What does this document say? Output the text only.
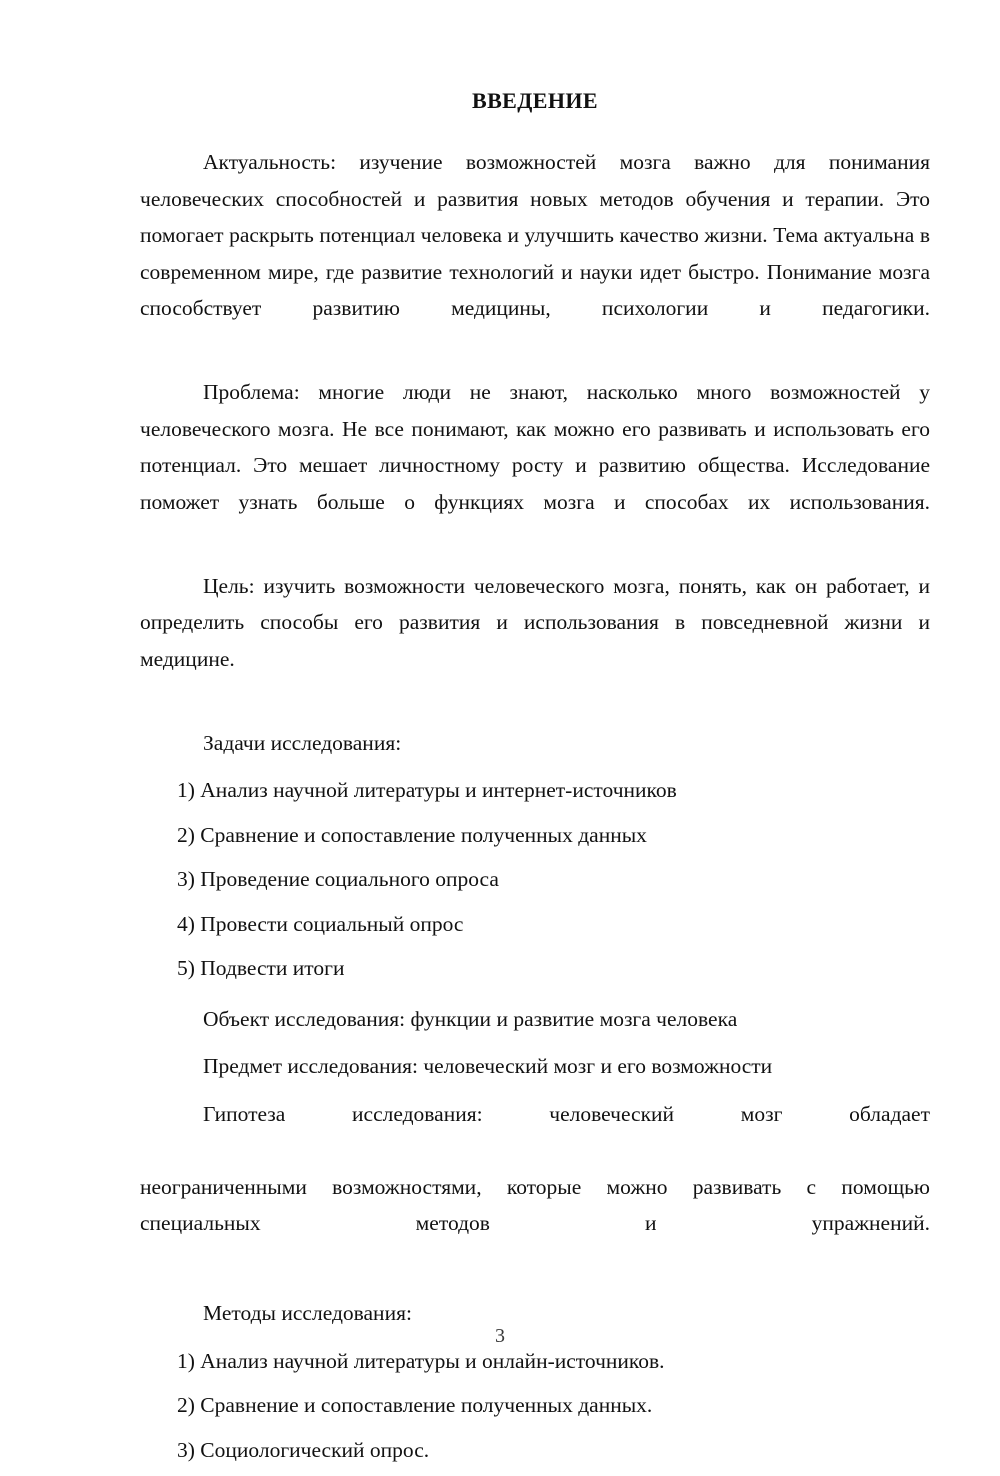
ВВЕДЕНИЕ

Актуальность: изучение возможностей мозга важно для понимания человеческих способностей и развития новых методов обучения и терапии. Это помогает раскрыть потенциал человека и улучшить качество жизни. Тема актуальна в современном мире, где развитие технологий и науки идет быстро. Понимание мозга способствует развитию медицины, психологии и педагогики.

Проблема: многие люди не знают, насколько много возможностей у человеческого мозга. Не все понимают, как можно его развивать и использовать его потенциал. Это мешает личностному росту и развитию общества. Исследование поможет узнать больше о функциях мозга и способах их использования.

Цель: изучить возможности человеческого мозга, понять, как он работает, и определить способы его развития и использования в повседневной жизни и медицине.

Задачи исследования:

1) Анализ научной литературы и интернет-источников
2) Сравнение и сопоставление полученных данных
3) Проведение социального опроса
4) Провести социальный опрос
5) Подвести итоги

Объект исследования: функции и развитие мозга человека

Предмет исследования: человеческий мозг и его возможности

Гипотеза исследования: человеческий мозг обладает
неограниченными возможностями, которые можно развивать с помощью специальных методов и упражнений.

Методы исследования:

1) Анализ научной литературы и онлайн-источников.
2) Сравнение и сопоставление полученных данных.
3) Социологический опрос.
3
